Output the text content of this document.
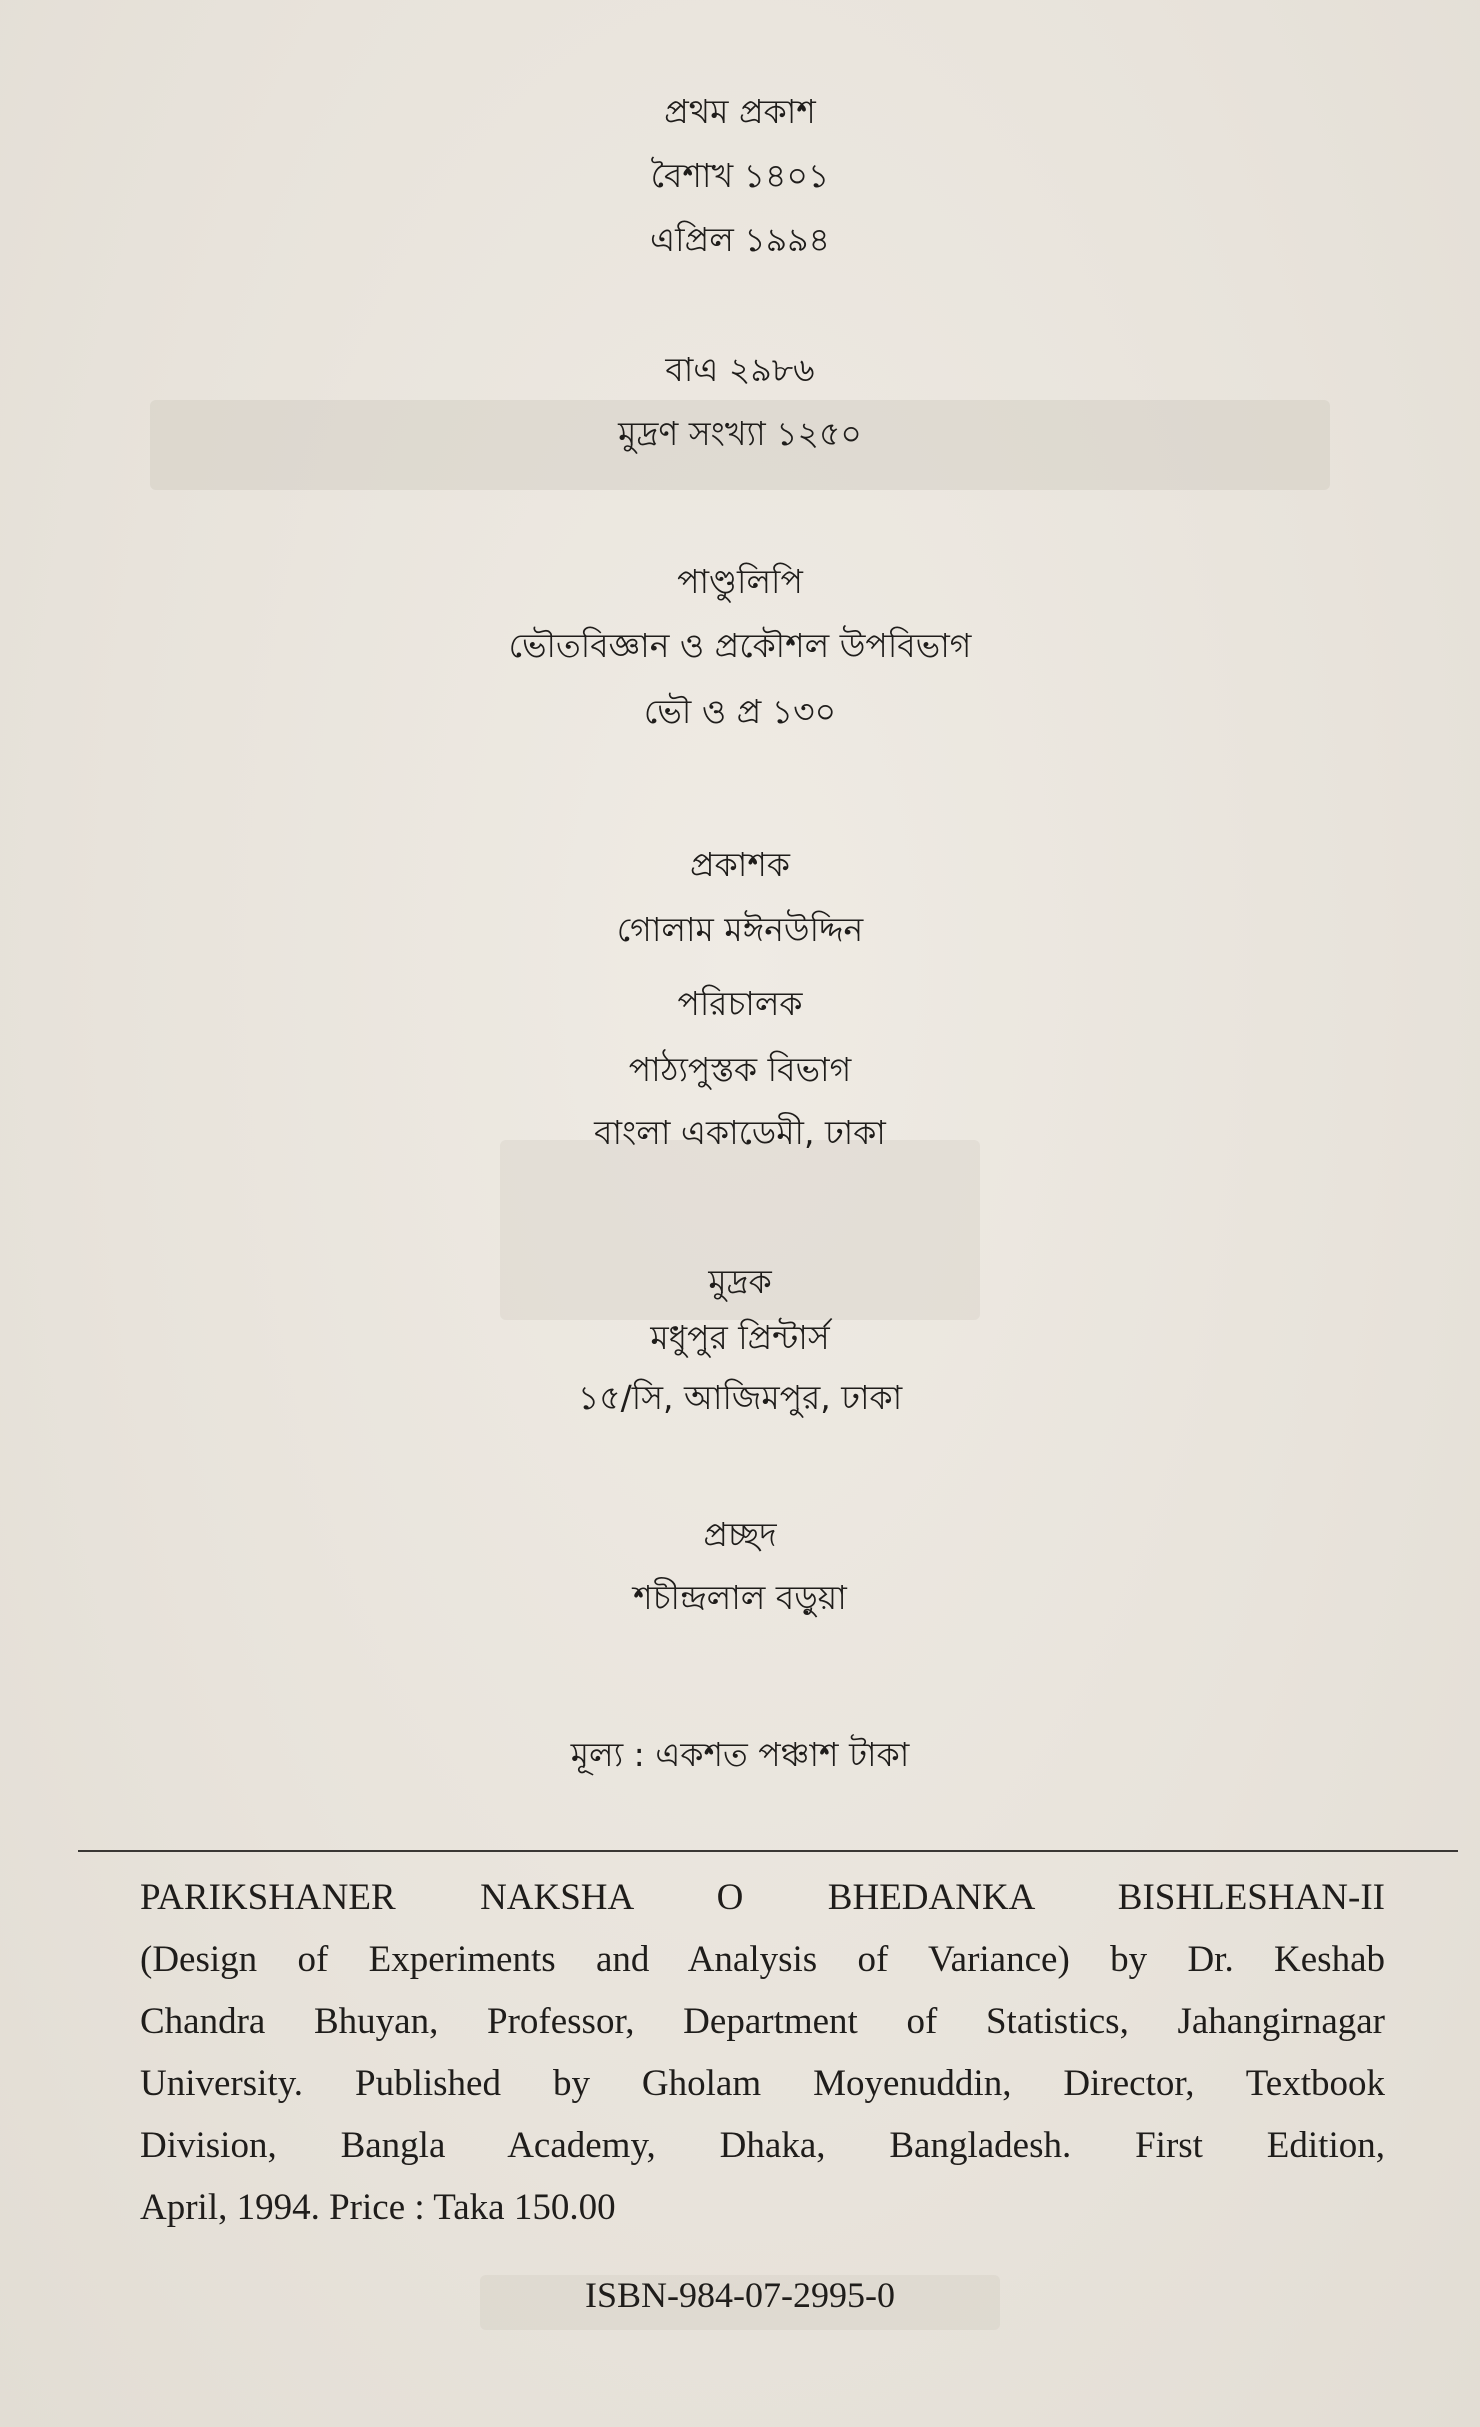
প্রথম প্রকাশ
বৈশাখ ১৪০১
এপ্রিল ১৯৯৪
বাএ ২৯৮৬
মুদ্রণ সংখ্যা ১২৫০
পাণ্ডুলিপি
ভৌতবিজ্ঞান ও প্রকৌশল উপবিভাগ
ভৌ ও প্র ১৩০
প্রকাশক
গোলাম মঈনউদ্দিন
পরিচালক
পাঠ্যপুস্তক বিভাগ
বাংলা একাডেমী, ঢাকা
মুদ্রক
মধুপুর প্রিন্টার্স
১৫/সি, আজিমপুর, ঢাকা
প্রচ্ছদ
শচীন্দ্রলাল বড়ুয়া
মূল্য : একশত পঞ্চাশ টাকা
PARIKSHANER NAKSHA O BHEDANKA BISHLESHAN-II
(Design of Experiments and Analysis of Variance) by Dr. Keshab
Chandra Bhuyan, Professor, Department of Statistics, Jahangirnagar
University. Published by Gholam Moyenuddin, Director, Textbook
Division, Bangla Academy, Dhaka, Bangladesh. First Edition,
April, 1994. Price : Taka 150.00
ISBN-984-07-2995-0
